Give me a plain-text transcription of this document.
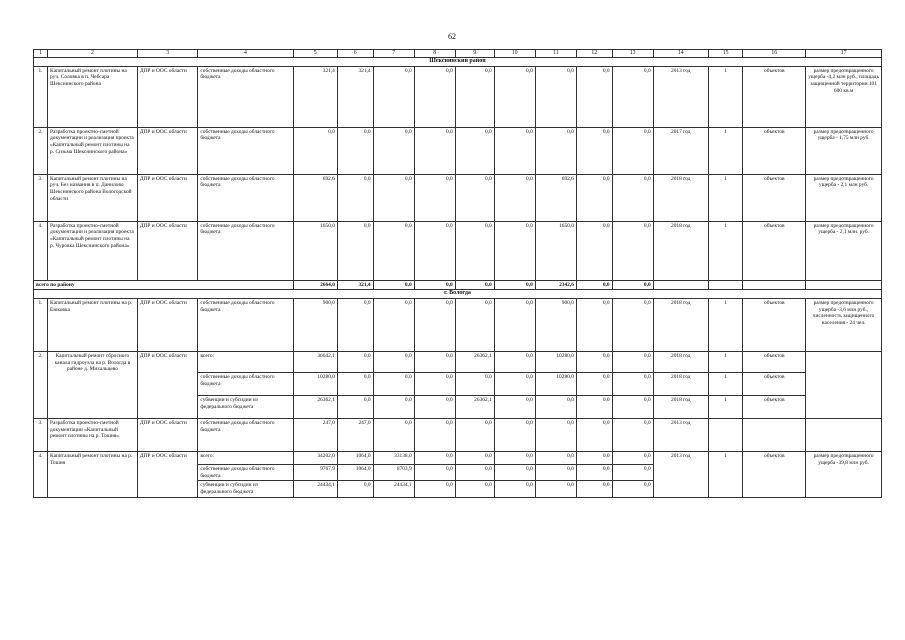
62
1	2	3	4	5	6	7	8	9	10	11	12	13	14	15	16	17
Шекснинский район																
1.	Капитальный ремонт плотины на руч. Соловка в п. Чебсара Шекснинского района	ДПР и ООС области	собственные доходы областного бюджета	321,4	321,4	0,0	0,0	0,0	0,0	0,0	0,0	0,0	2013 год	1	объектов	размер предотвращенного ущерба -4,2 млн руб., площадь защищенной территории 101 600 кв.м
2.	Разработка проектно-сметной документации и реализация проекта «Капитальный ремонт плотины на р. Сизьма Шекснинского района»	ДПР и ООС области	собственные доходы областного бюджета	0,0	0,0	0,0	0,0	0,0	0,0	0,0	0,0	0,0	2017 год	1	объектов	размер предотвращенного ущерба - 1,75 млн руб.
3.	Капитальный ремонт плотины на руч. Без названия в п. Данилово Шекснинского района Вологодской области	ДПР и ООС области	собственные доходы областного бюджета	692,6	0,0	0,0	0,0	0,0	0,0	692,6	0,0	0,0	2018 год	1	объектов	размер предотвращенного ущерба - 2,1 млн руб.
4.	Разработка проектно-сметной документации и реализация проекта «Капитальный ремонт плотины на р. Чуровка Шекснинского района»	ДПР и ООС области	собственные доходы областного бюджета	1650,0	0,0	0,0	0,0	0,0	0,0	1650,0	0,0	0,0	2018 год	1	объектов	размер предотвращенного ущерба - 2,1 млн. руб.
всего по району				2664,0	321,4	0,0	0,0	0,0	0,0	2342,6	0,0	0,0				
г. Вологда																
1.	Капитальный ремонт плотины на р. Еюковка	ДПР и ООС области	собственные доходы областного бюджета	900,0	0,0	0,0	0,0	0,0	0,0	900,0	0,0	0,0	2018 год	1	объектов	размер предотвращенного ущерба -3,6 млн руб., численность защищенного населения - 24 чел.
2.	Капитальный ремонт сбросного канала гидроузла на р. Вологда в районе д. Михальцево	ДПР и ООС области	всего:	36642,1	0,0	0,0	0,0	26362,1	0,0	10280,0	0,0	0,0	2018 год	1	объектов	
			собственные доходы областного бюджета	10280,0	0,0	0,0	0,0	0,0	0,0	10280,0	0,0	0,0	2018 год	1	объектов	
			субвенции и субсидии из федерального бюджета	26362,1	0,0	0,0	0,0	26362,1	0,0	0,0	0,0	0,0	2018 год	1	объектов	
3.	Разработка проектно-сметной документации «Капитальный ремонт плотины на р. Тошня»	ДПР и ООС области	собственные доходы областного бюджета	247,0	247,0	0,0	0,0	0,0	0,0	0,0	0,0	0,0	2013 год			
4.	Капитальный ремонт плотины на р. Тошня	ДПР и ООС области	всего:	34202,0	1064,0	33138,0	0,0	0,0	0,0	0,0	0,0	0,0	2013 год	1	объектов	размер предотвращенного ущерба -39,8 млн руб.
			собственные доходы областного бюджета	9767,9	1064,0	8703,9	0,0	0,0	0,0	0,0	0,0	0,0				
			субвенции и субсидии из федерального бюджета	24434,1	0,0	24434,1	0,0	0,0	0,0	0,0	0,0	0,0				
